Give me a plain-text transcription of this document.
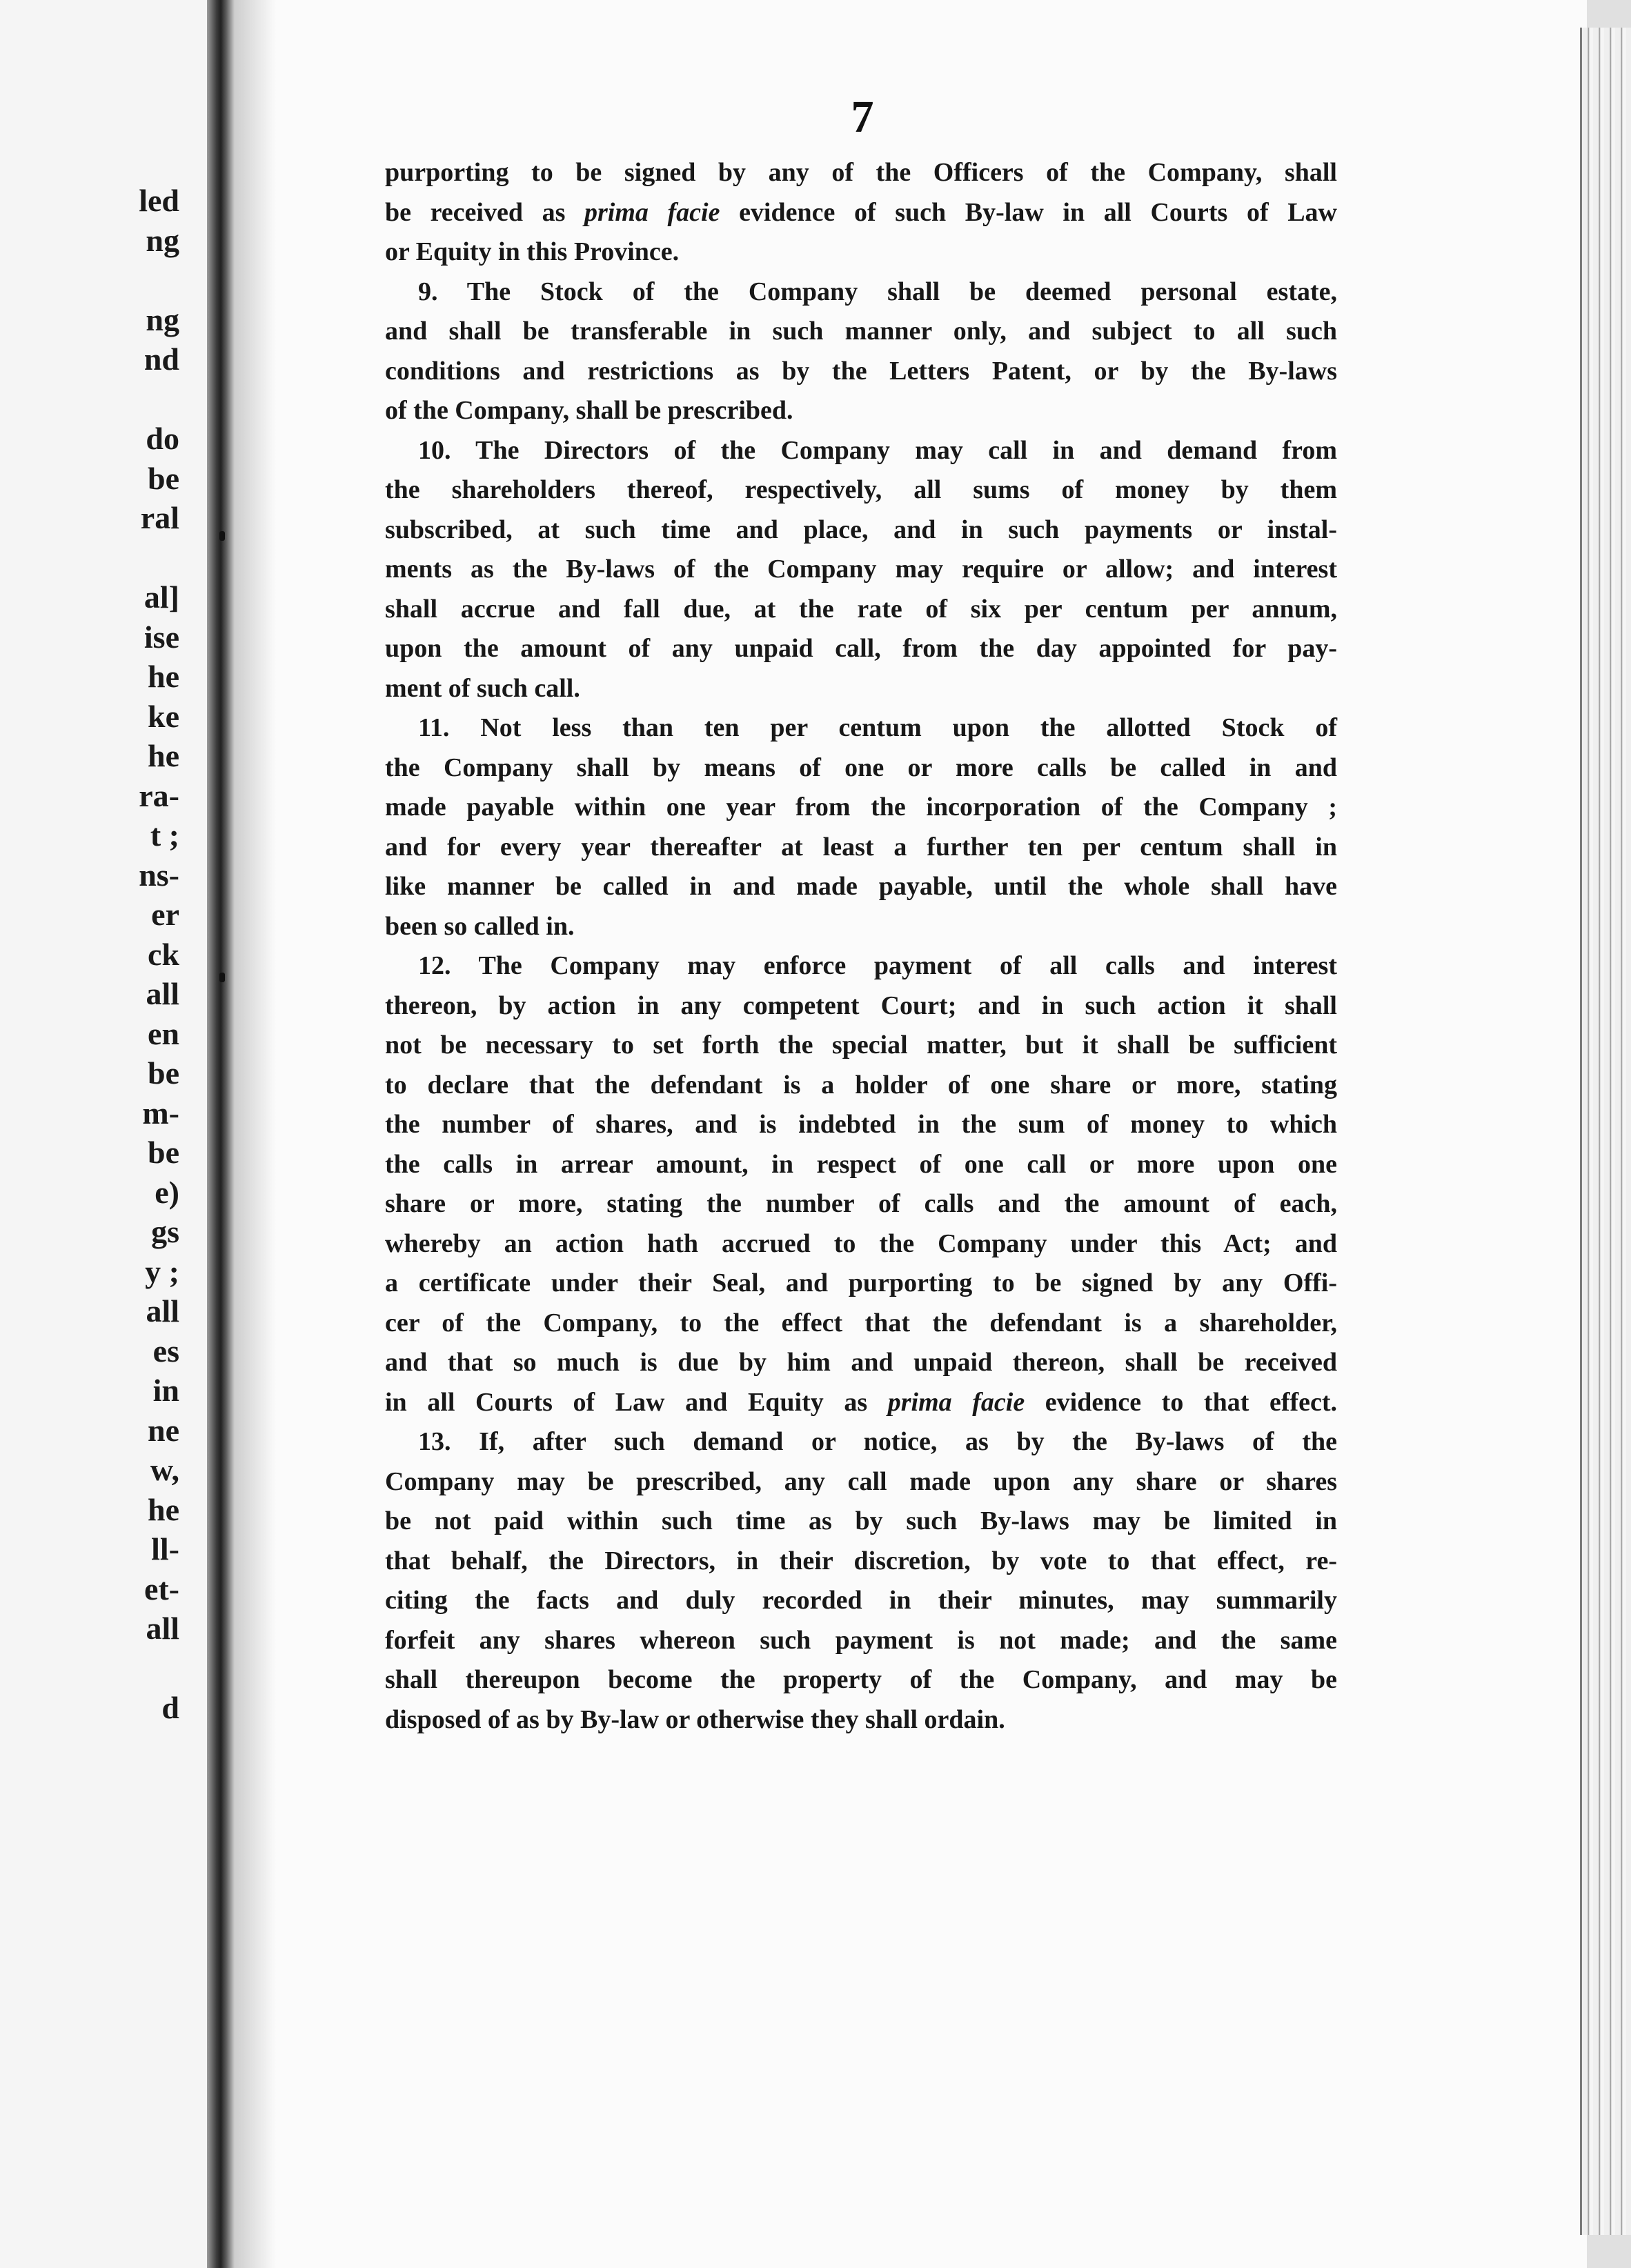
led
ng
ng
nd
do
be
ral
al]
ise
he
ke
he
ra-
t ;
ns-
er
ck
all
en
be
m-
be
e)
gs
y ;
all
es
in
ne
w,
he
ll-
et-
all
d
7
purporting to be signed by any of the Officers of the Company, shall
be received as prima facie evidence of such By-law in all Courts of Law
or Equity in this Province.
9. The Stock of the Company shall be deemed personal estate,
and shall be transferable in such manner only, and subject to all such
conditions and restrictions as by the Letters Patent, or by the By-laws
of the Company, shall be prescribed.
10. The Directors of the Company may call in and demand from
the shareholders thereof, respectively, all sums of money by them
subscribed, at such time and place, and in such payments or instal-
ments as the By-laws of the Company may require or allow; and interest
shall accrue and fall due, at the rate of six per centum per annum,
upon the amount of any unpaid call, from the day appointed for pay-
ment of such call.
11. Not less than ten per centum upon the allotted Stock of
the Company shall by means of one or more calls be called in and
made payable within one year from the incorporation of the Company ;
and for every year thereafter at least a further ten per centum shall in
like manner be called in and made payable, until the whole shall have
been so called in.
12. The Company may enforce payment of all calls and interest
thereon, by action in any competent Court; and in such action it shall
not be necessary to set forth the special matter, but it shall be sufficient
to declare that the defendant is a holder of one share or more, stating
the number of shares, and is indebted in the sum of money to which
the calls in arrear amount, in respect of one call or more upon one
share or more, stating the number of calls and the amount of each,
whereby an action hath accrued to the Company under this Act; and
a certificate under their Seal, and purporting to be signed by any Offi-
cer of the Company, to the effect that the defendant is a shareholder,
and that so much is due by him and unpaid thereon, shall be received
in all Courts of Law and Equity as prima facie evidence to that effect.
13. If, after such demand or notice, as by the By-laws of the
Company may be prescribed, any call made upon any share or shares
be not paid within such time as by such By-laws may be limited in
that behalf, the Directors, in their discretion, by vote to that effect, re-
citing the facts and duly recorded in their minutes, may summarily
forfeit any shares whereon such payment is not made; and the same
shall thereupon become the property of the Company, and may be
disposed of as by By-law or otherwise they shall ordain.
